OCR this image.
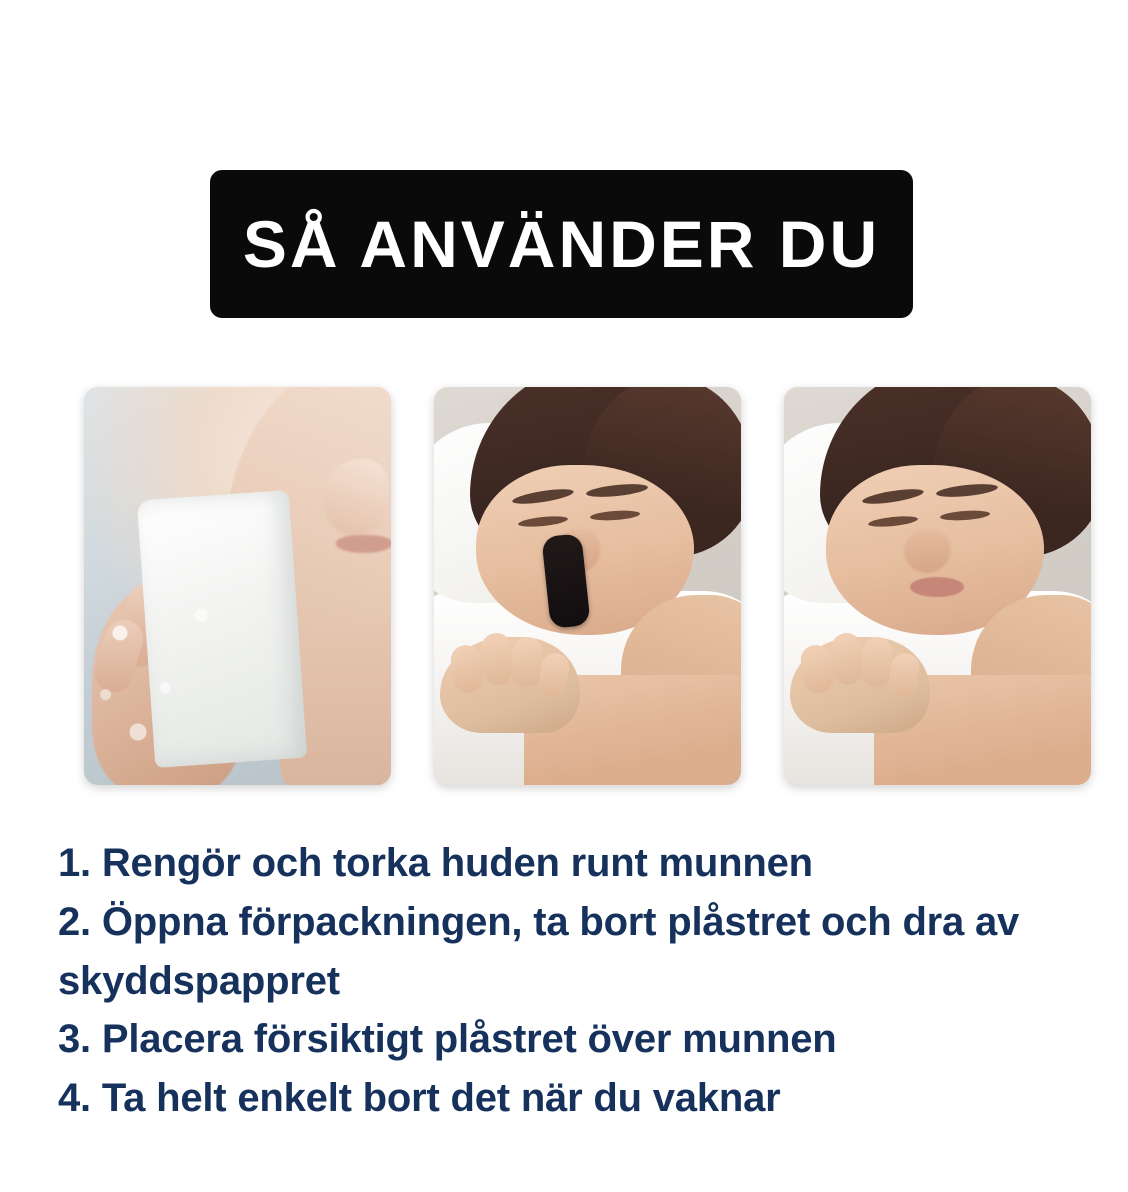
SÅ ANVÄNDER DU

1. Rengör och torka huden runt munnen

2. Öppna förpackningen, ta bort plåstret och dra av skyddspappret

3. Placera försiktigt plåstret över munnen

4. Ta helt enkelt bort det när du vaknar
